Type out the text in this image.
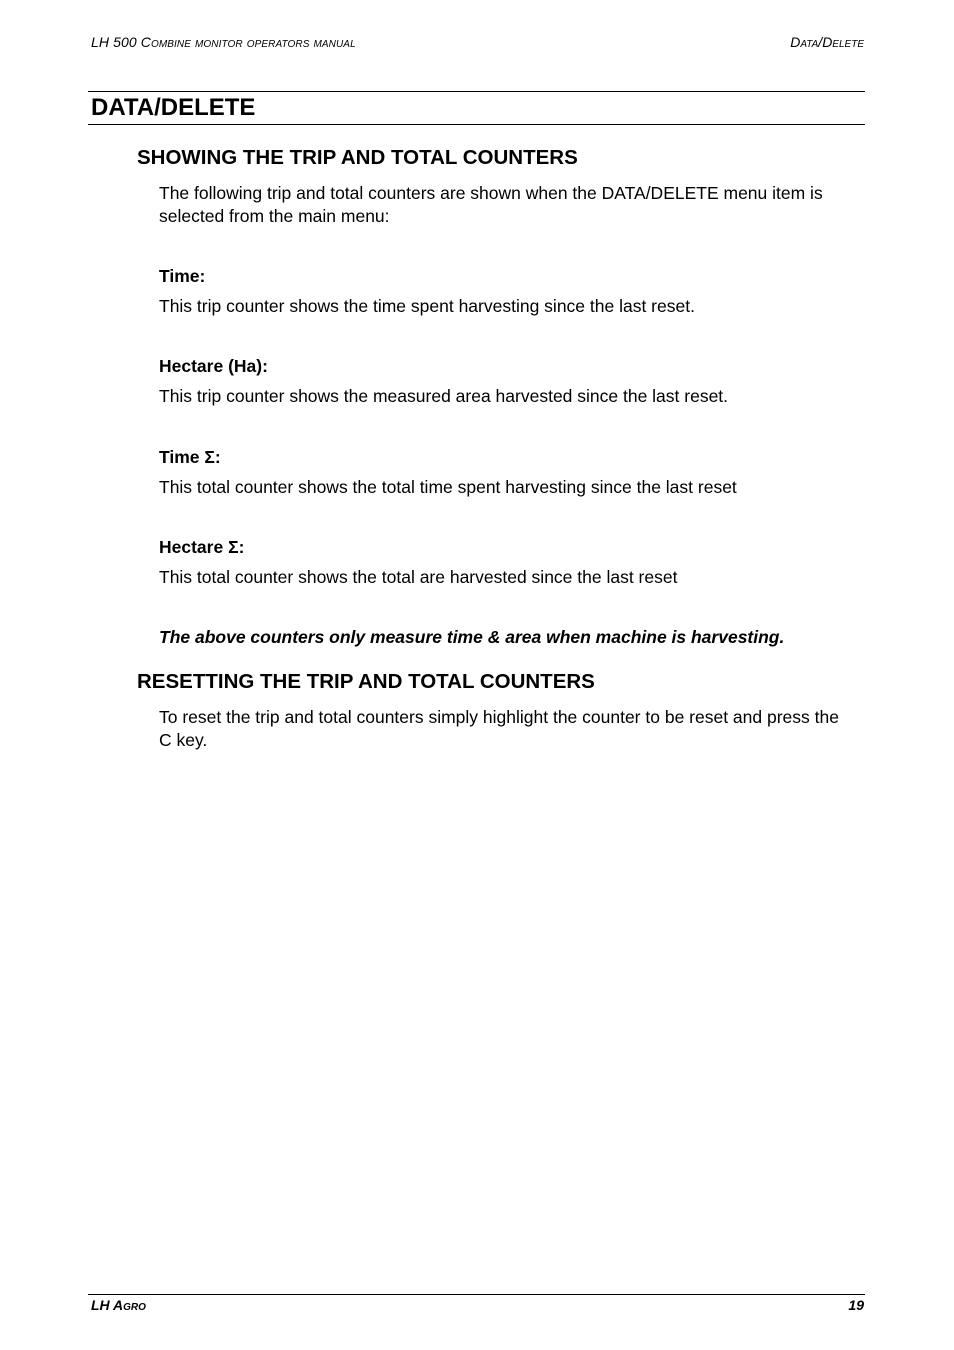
LH 500 Combine monitor operators manual	Data/Delete
DATA/DELETE
SHOWING THE TRIP AND TOTAL COUNTERS

The following trip and total counters are shown when the DATA/DELETE menu item is selected from the main menu:

Time:

This trip counter shows the time spent harvesting since the last reset.

Hectare (Ha):

This trip counter shows the measured area harvested since the last reset.

Time Σ:

This total counter shows the total time spent harvesting since the last reset

Hectare Σ:

This total counter shows the total are harvested since the last reset

The above counters only measure time & area when machine is harvesting.

RESETTING THE TRIP AND TOTAL COUNTERS

To reset the trip and total counters simply highlight the counter to be reset and press the C key.

LH Agro	19
